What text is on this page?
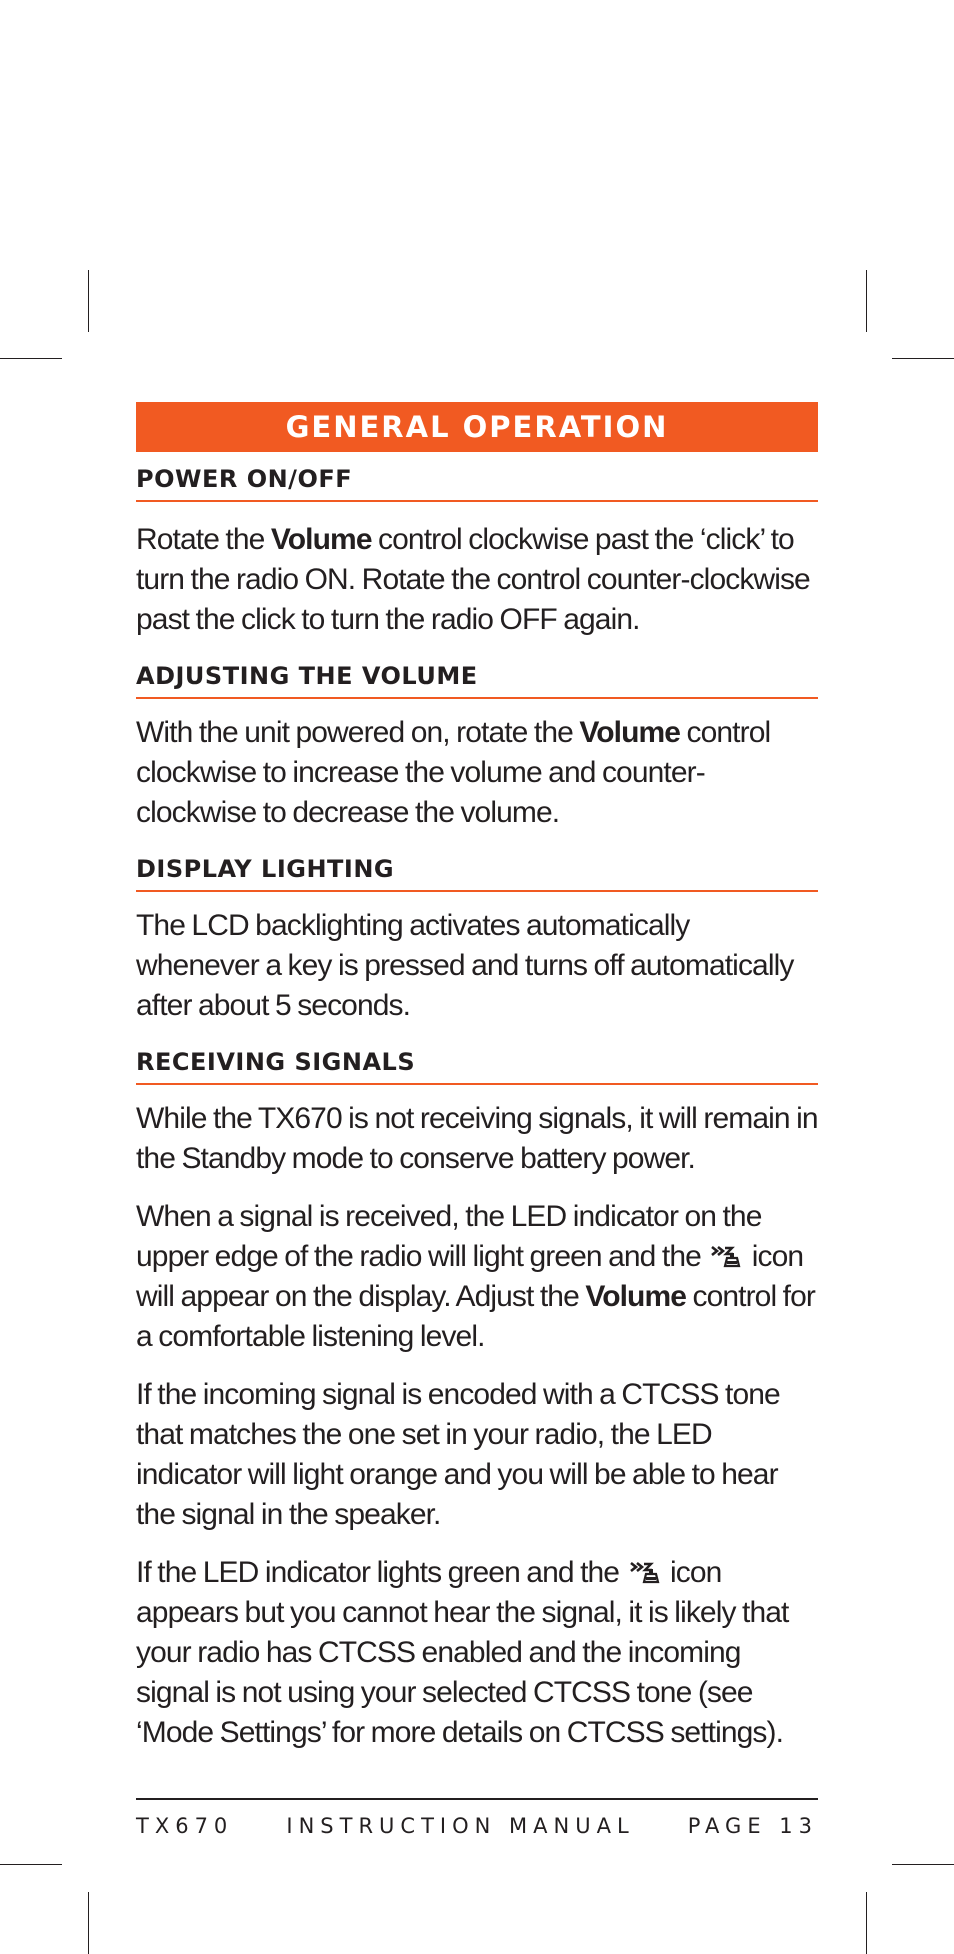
GENERAL OPERATION
POWER ON/OFF

Rotate the Volume control clockwise past the ‘click’ to turn the radio ON. Rotate the control counter-clockwise past the click to turn the radio OFF again.

ADJUSTING THE VOLUME

With the unit powered on, rotate the Volume control clockwise to increase the volume and counter-clockwise to decrease the volume.

DISPLAY LIGHTING

The LCD backlighting activates automatically whenever a key is pressed and turns off automatically after about 5 seconds.

RECEIVING SIGNALS

While the TX670 is not receiving signals, it will remain in the Standby mode to conserve battery power.

When a signal is received, the LED indicator on the upper edge of the radio will light green and the  icon will appear on the display. Adjust the Volume control for a comfortable listening level.

If the incoming signal is encoded with a CTCSS tone that matches the one set in your radio, the LED indicator will light orange and you will be able to hear the signal in the speaker.

If the LED indicator lights green and the  icon appears but you cannot hear the signal, it is likely that your radio has CTCSS enabled and the incoming signal is not using your selected CTCSS tone (see ‘Mode Settings’ for more details on CTCSS settings).

TX670	INSTRUCTION MANUAL	PAGE 13
